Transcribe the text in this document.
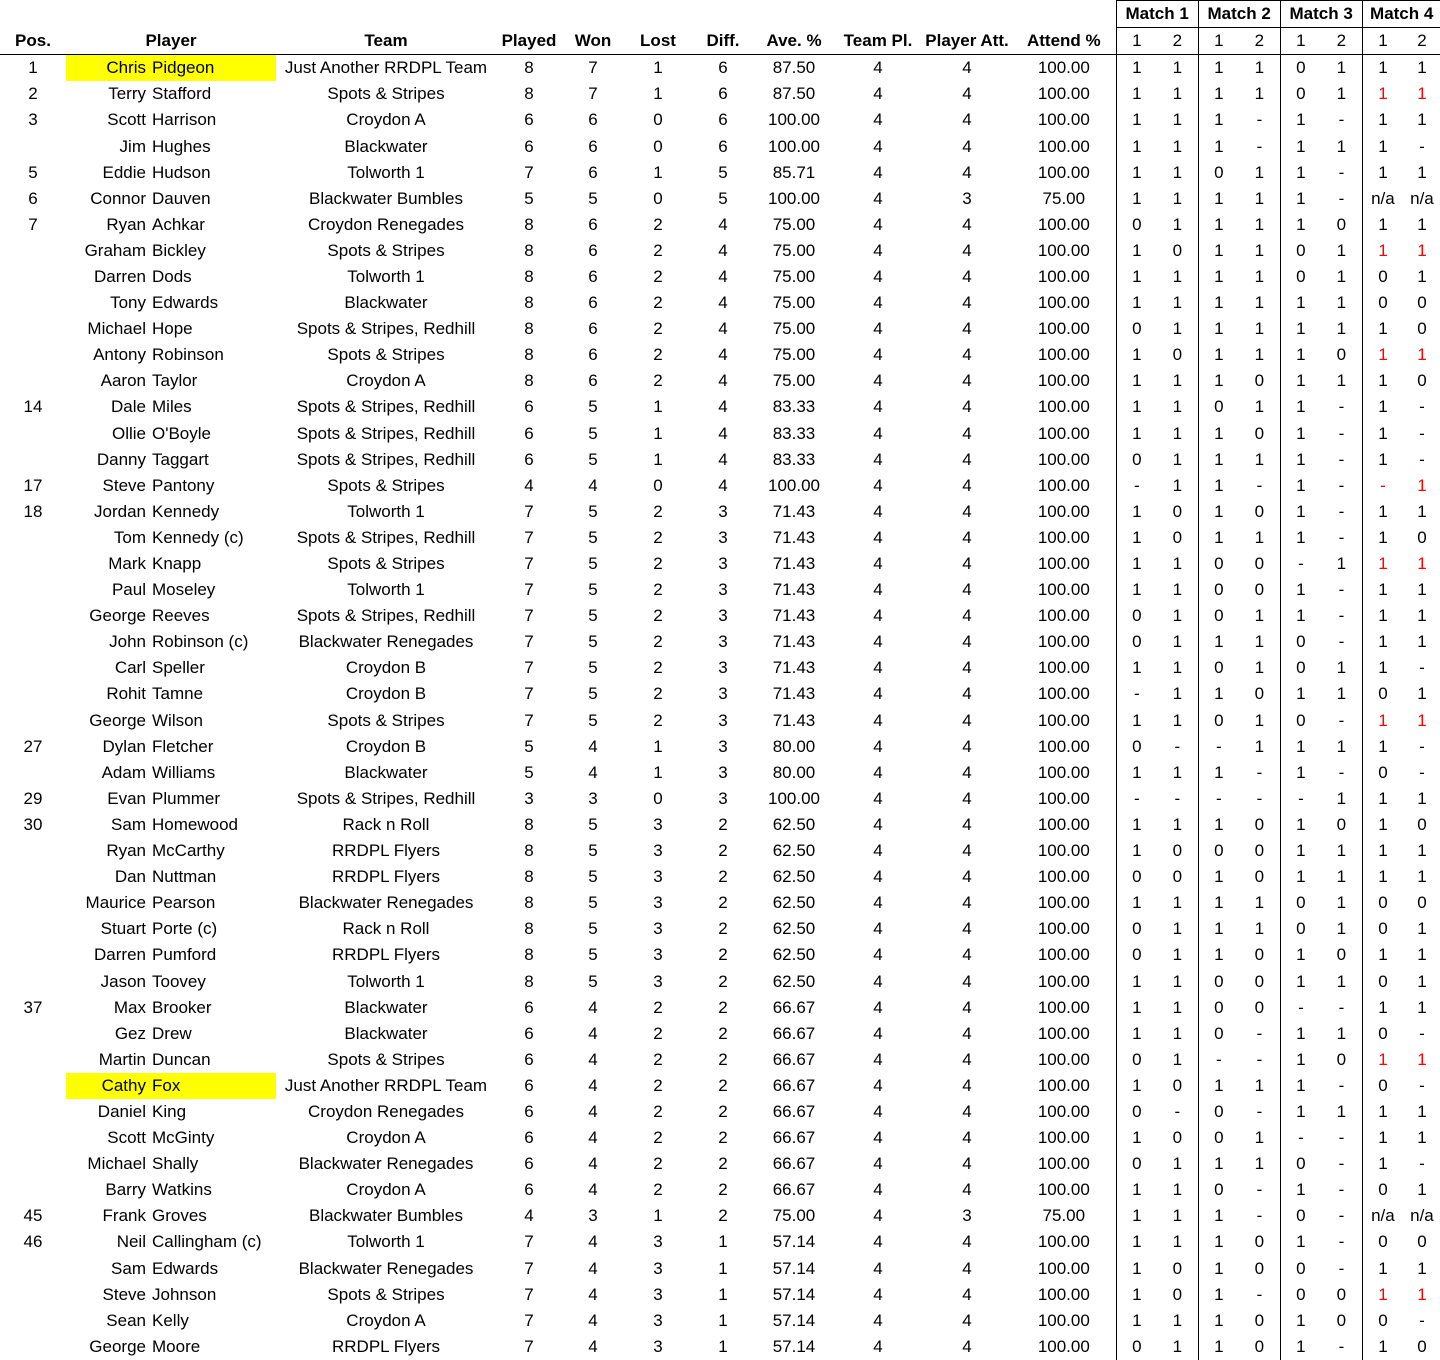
												Match 1		Match 2		Match 3		Match 4	
Pos.	Player		Team	Played	Won	Lost	Diff.	Ave. %	Team Pl.	Player Att.	Attend %	1	2	1	2	1	2	1	2
1	Chris	Pidgeon	Just Another RRDPL Team	8	7	1	6	87.50	4	4	100.00	1	1	1	1	0	1	1	1
2	Terry	Stafford	Spots & Stripes	8	7	1	6	87.50	4	4	100.00	1	1	1	1	0	1	1	1
3	Scott	Harrison	Croydon A	6	6	0	6	100.00	4	4	100.00	1	1	1	-	1	-	1	1
	Jim	Hughes	Blackwater	6	6	0	6	100.00	4	4	100.00	1	1	1	-	1	1	1	-
5	Eddie	Hudson	Tolworth 1	7	6	1	5	85.71	4	4	100.00	1	1	0	1	1	-	1	1
6	Connor	Dauven	Blackwater Bumbles	5	5	0	5	100.00	4	3	75.00	1	1	1	1	1	-	n/a	n/a
7	Ryan	Achkar	Croydon Renegades	8	6	2	4	75.00	4	4	100.00	0	1	1	1	1	0	1	1
	Graham	Bickley	Spots & Stripes	8	6	2	4	75.00	4	4	100.00	1	0	1	1	0	1	1	1
	Darren	Dods	Tolworth 1	8	6	2	4	75.00	4	4	100.00	1	1	1	1	0	1	0	1
	Tony	Edwards	Blackwater	8	6	2	4	75.00	4	4	100.00	1	1	1	1	1	1	0	0
	Michael	Hope	Spots & Stripes, Redhill	8	6	2	4	75.00	4	4	100.00	0	1	1	1	1	1	1	0
	Antony	Robinson	Spots & Stripes	8	6	2	4	75.00	4	4	100.00	1	0	1	1	1	0	1	1
	Aaron	Taylor	Croydon A	8	6	2	4	75.00	4	4	100.00	1	1	1	0	1	1	1	0
14	Dale	Miles	Spots & Stripes, Redhill	6	5	1	4	83.33	4	4	100.00	1	1	0	1	1	-	1	-
	Ollie	O'Boyle	Spots & Stripes, Redhill	6	5	1	4	83.33	4	4	100.00	1	1	1	0	1	-	1	-
	Danny	Taggart	Spots & Stripes, Redhill	6	5	1	4	83.33	4	4	100.00	0	1	1	1	1	-	1	-
17	Steve	Pantony	Spots & Stripes	4	4	0	4	100.00	4	4	100.00	-	1	1	-	1	-	-	1
18	Jordan	Kennedy	Tolworth 1	7	5	2	3	71.43	4	4	100.00	1	0	1	0	1	-	1	1
	Tom	Kennedy (c)	Spots & Stripes, Redhill	7	5	2	3	71.43	4	4	100.00	1	0	1	1	1	-	1	0
	Mark	Knapp	Spots & Stripes	7	5	2	3	71.43	4	4	100.00	1	1	0	0	-	1	1	1
	Paul	Moseley	Tolworth 1	7	5	2	3	71.43	4	4	100.00	1	1	0	0	1	-	1	1
	George	Reeves	Spots & Stripes, Redhill	7	5	2	3	71.43	4	4	100.00	0	1	0	1	1	-	1	1
	John	Robinson (c)	Blackwater Renegades	7	5	2	3	71.43	4	4	100.00	0	1	1	1	0	-	1	1
	Carl	Speller	Croydon B	7	5	2	3	71.43	4	4	100.00	1	1	0	1	0	1	1	-
	Rohit	Tamne	Croydon B	7	5	2	3	71.43	4	4	100.00	-	1	1	0	1	1	0	1
	George	Wilson	Spots & Stripes	7	5	2	3	71.43	4	4	100.00	1	1	0	1	0	-	1	1
27	Dylan	Fletcher	Croydon B	5	4	1	3	80.00	4	4	100.00	0	-	-	1	1	1	1	-
	Adam	Williams	Blackwater	5	4	1	3	80.00	4	4	100.00	1	1	1	-	1	-	0	-
29	Evan	Plummer	Spots & Stripes, Redhill	3	3	0	3	100.00	4	4	100.00	-	-	-	-	-	1	1	1
30	Sam	Homewood	Rack n Roll	8	5	3	2	62.50	4	4	100.00	1	1	1	0	1	0	1	0
	Ryan	McCarthy	RRDPL Flyers	8	5	3	2	62.50	4	4	100.00	1	0	0	0	1	1	1	1
	Dan	Nuttman	RRDPL Flyers	8	5	3	2	62.50	4	4	100.00	0	0	1	0	1	1	1	1
	Maurice	Pearson	Blackwater Renegades	8	5	3	2	62.50	4	4	100.00	1	1	1	1	0	1	0	0
	Stuart	Porte (c)	Rack n Roll	8	5	3	2	62.50	4	4	100.00	0	1	1	1	0	1	0	1
	Darren	Pumford	RRDPL Flyers	8	5	3	2	62.50	4	4	100.00	0	1	1	0	1	0	1	1
	Jason	Toovey	Tolworth 1	8	5	3	2	62.50	4	4	100.00	1	1	0	0	1	1	0	1
37	Max	Brooker	Blackwater	6	4	2	2	66.67	4	4	100.00	1	1	0	0	-	-	1	1
	Gez	Drew	Blackwater	6	4	2	2	66.67	4	4	100.00	1	1	0	-	1	1	0	-
	Martin	Duncan	Spots & Stripes	6	4	2	2	66.67	4	4	100.00	0	1	-	-	1	0	1	1
	Cathy	Fox	Just Another RRDPL Team	6	4	2	2	66.67	4	4	100.00	1	0	1	1	1	-	0	-
	Daniel	King	Croydon Renegades	6	4	2	2	66.67	4	4	100.00	0	-	0	-	1	1	1	1
	Scott	McGinty	Croydon A	6	4	2	2	66.67	4	4	100.00	1	0	0	1	-	-	1	1
	Michael	Shally	Blackwater Renegades	6	4	2	2	66.67	4	4	100.00	0	1	1	1	0	-	1	-
	Barry	Watkins	Croydon A	6	4	2	2	66.67	4	4	100.00	1	1	0	-	1	-	0	1
45	Frank	Groves	Blackwater Bumbles	4	3	1	2	75.00	4	3	75.00	1	1	1	-	0	-	n/a	n/a
46	Neil	Callingham (c)	Tolworth 1	7	4	3	1	57.14	4	4	100.00	1	1	1	0	1	-	0	0
	Sam	Edwards	Blackwater Renegades	7	4	3	1	57.14	4	4	100.00	1	0	1	0	0	-	1	1
	Steve	Johnson	Spots & Stripes	7	4	3	1	57.14	4	4	100.00	1	0	1	-	0	0	1	1
	Sean	Kelly	Croydon A	7	4	3	1	57.14	4	4	100.00	1	1	1	0	1	0	0	-
	George	Moore	RRDPL Flyers	7	4	3	1	57.14	4	4	100.00	0	1	1	0	1	-	1	0
